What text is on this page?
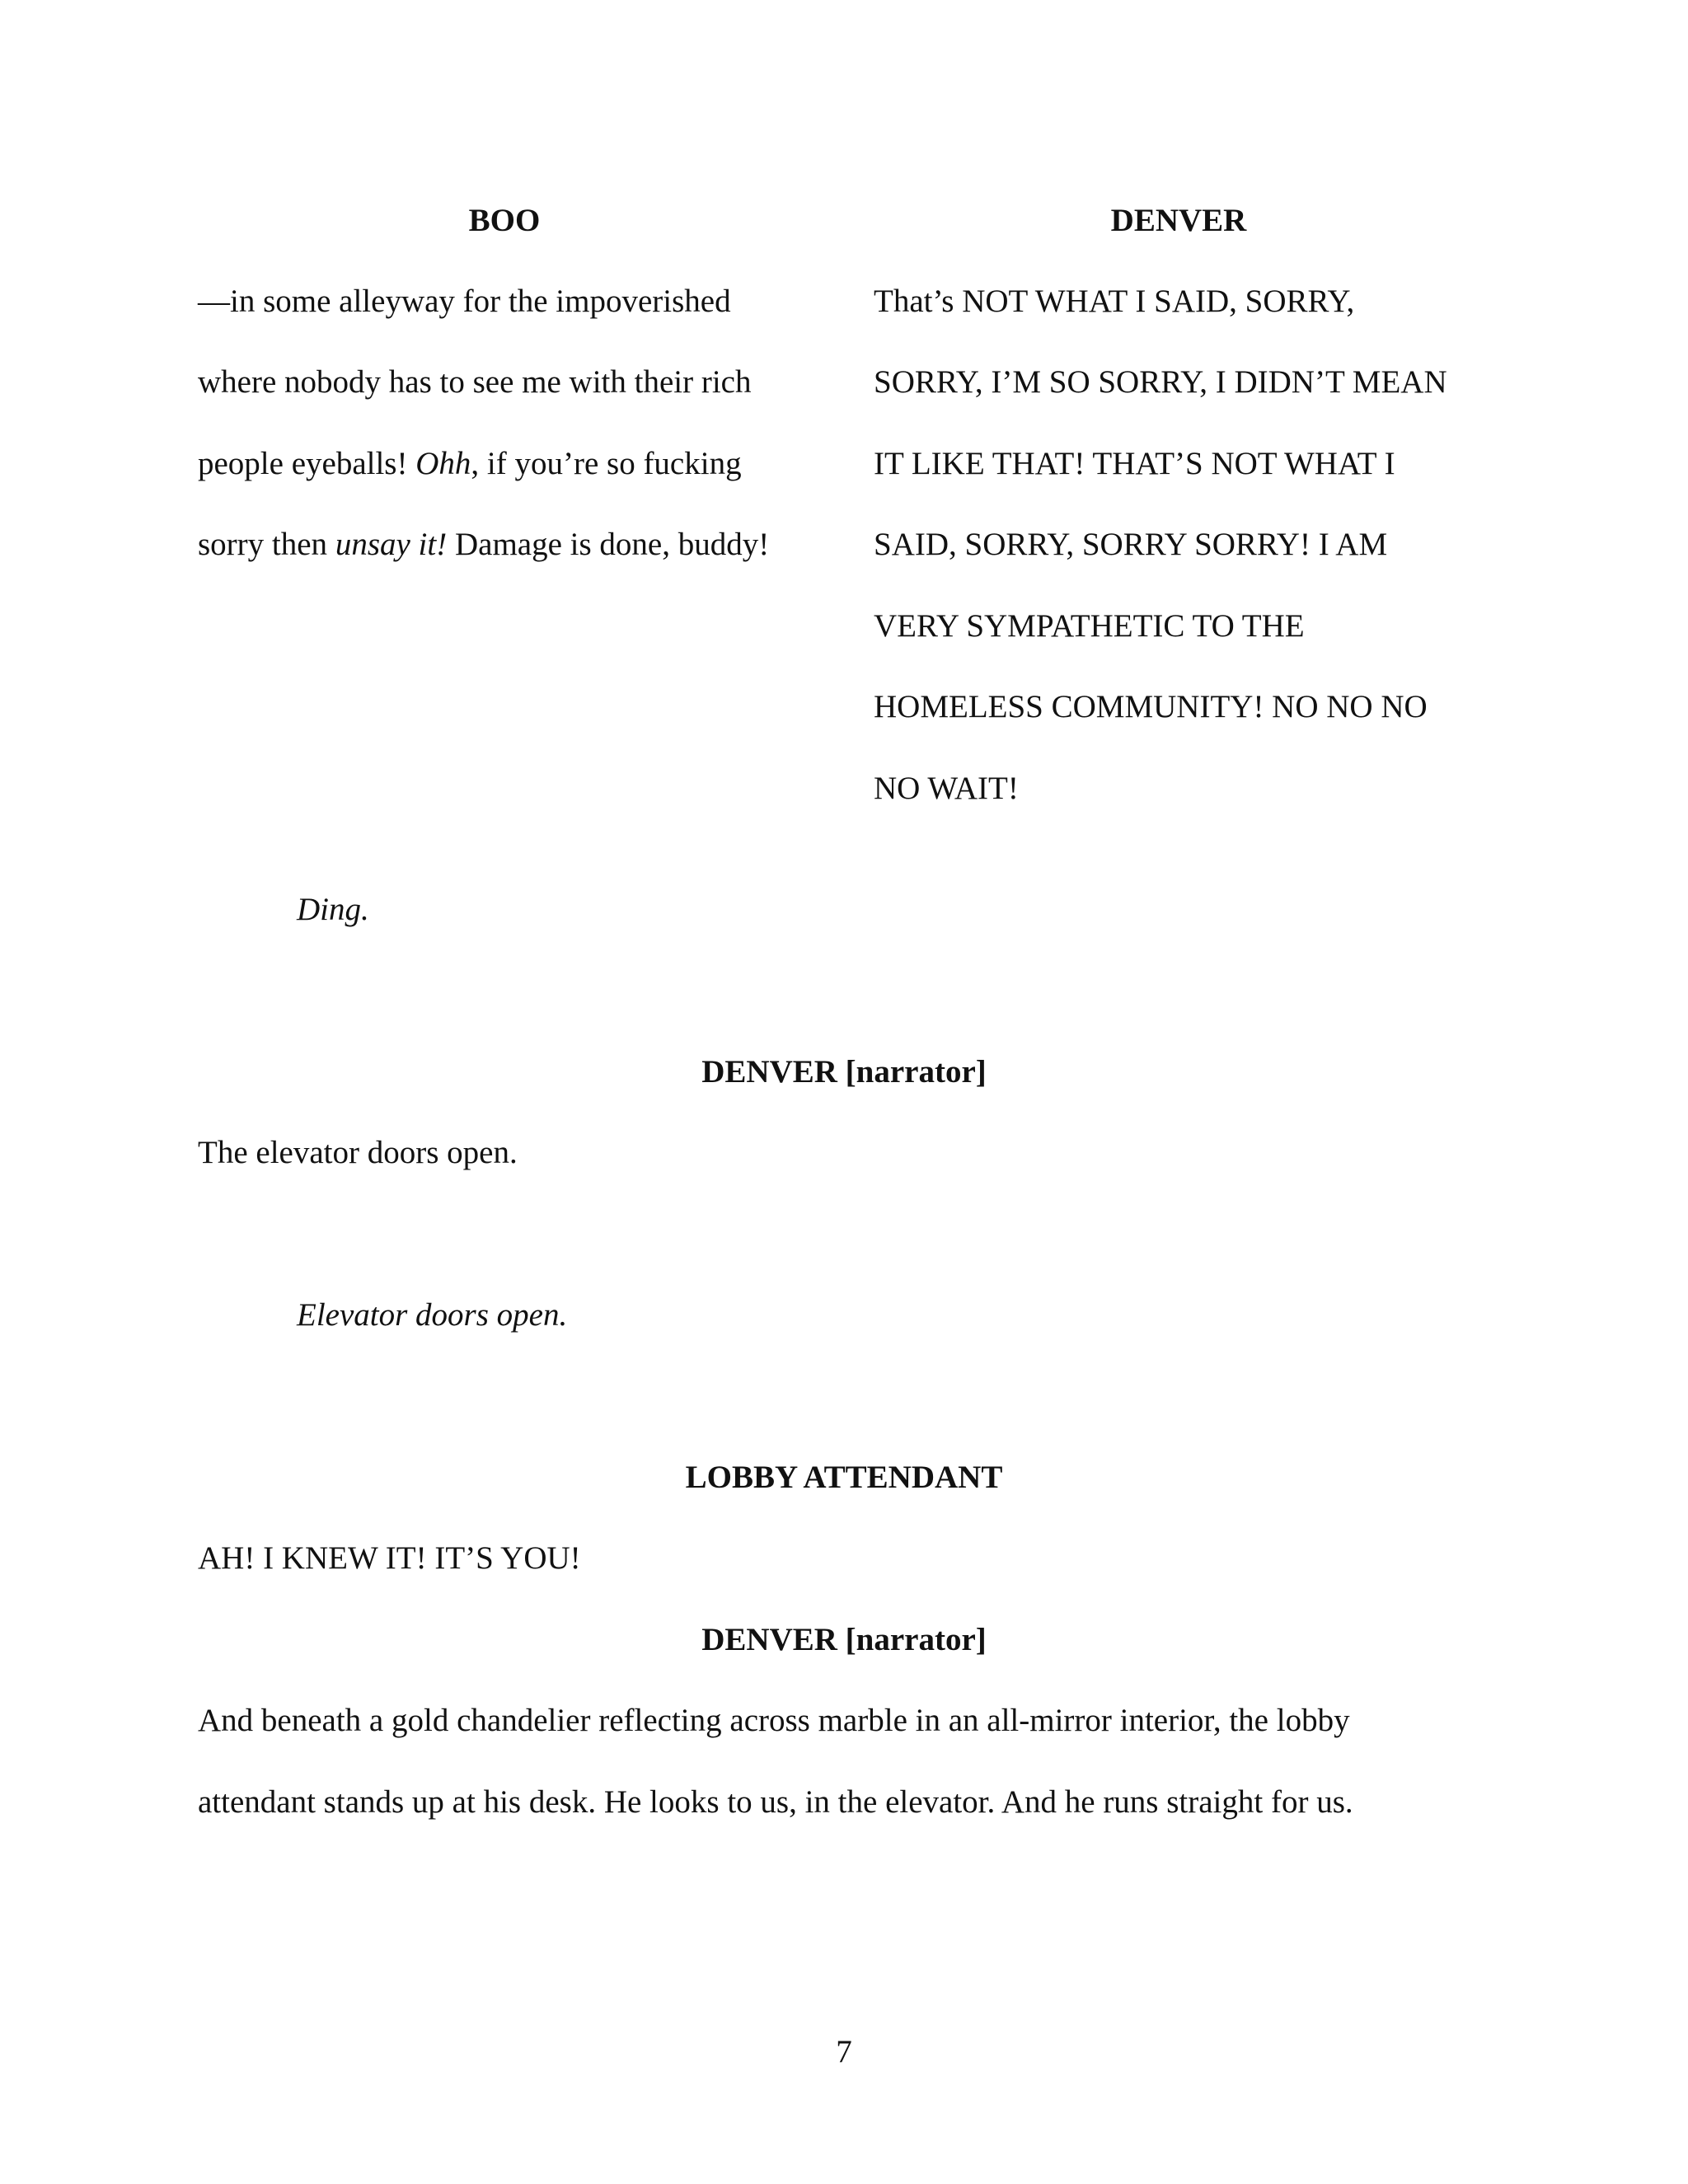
BOO
—in some alleyway for the impoverished
where nobody has to see me with their rich
people eyeballs! Ohh, if you’re so fucking
sorry then unsay it! Damage is done, buddy!
DENVER
That’s NOT WHAT I SAID, SORRY,
SORRY, I’M SO SORRY, I DIDN’T MEAN
IT LIKE THAT! THAT’S NOT WHAT I
SAID, SORRY, SORRY SORRY! I AM
VERY SYMPATHETIC TO THE
HOMELESS COMMUNITY! NO NO NO
NO WAIT!
Ding.
DENVER [narrator]
The elevator doors open.
Elevator doors open.
LOBBY ATTENDANT
AH! I KNEW IT! IT’S YOU!
DENVER [narrator]
And beneath a gold chandelier reflecting across marble in an all-mirror interior, the lobby
attendant stands up at his desk. He looks to us, in the elevator. And he runs straight for us.
7
